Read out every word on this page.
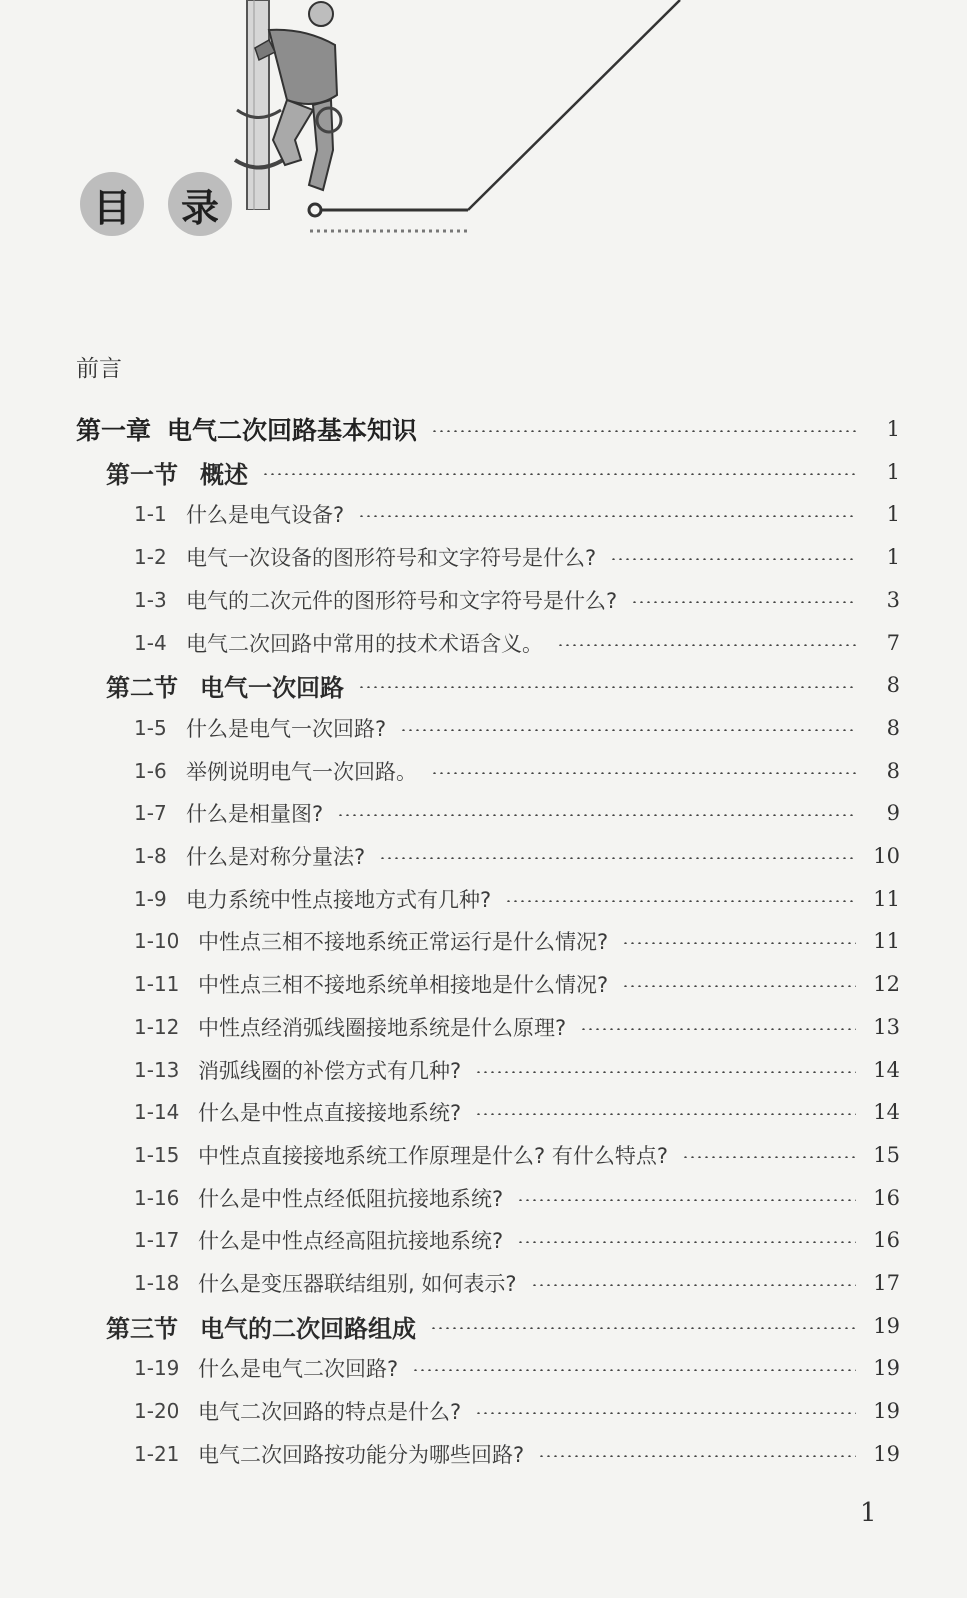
目	录
前言
第一章 电气二次回路基本知识	1
第一节 概述	1
1-1 什么是电气设备?	1
1-2 电气一次设备的图形符号和文字符号是什么?	1
1-3 电气的二次元件的图形符号和文字符号是什么?	3
1-4 电气二次回路中常用的技术术语含义。	7
第二节 电气一次回路	8
1-5 什么是电气一次回路?	8
1-6 举例说明电气一次回路。	8
1-7 什么是相量图?	9
1-8 什么是对称分量法?	10
1-9 电力系统中性点接地方式有几种?	11
1-10 中性点三相不接地系统正常运行是什么情况?	11
1-11 中性点三相不接地系统单相接地是什么情况?	12
1-12 中性点经消弧线圈接地系统是什么原理?	13
1-13 消弧线圈的补偿方式有几种?	14
1-14 什么是中性点直接接地系统?	14
1-15 中性点直接接地系统工作原理是什么? 有什么特点?	15
1-16 什么是中性点经低阻抗接地系统?	16
1-17 什么是中性点经高阻抗接地系统?	16
1-18 什么是变压器联结组别, 如何表示?	17
第三节 电气的二次回路组成	19
1-19 什么是电气二次回路?	19
1-20 电气二次回路的特点是什么?	19
1-21 电气二次回路按功能分为哪些回路?	19
1
